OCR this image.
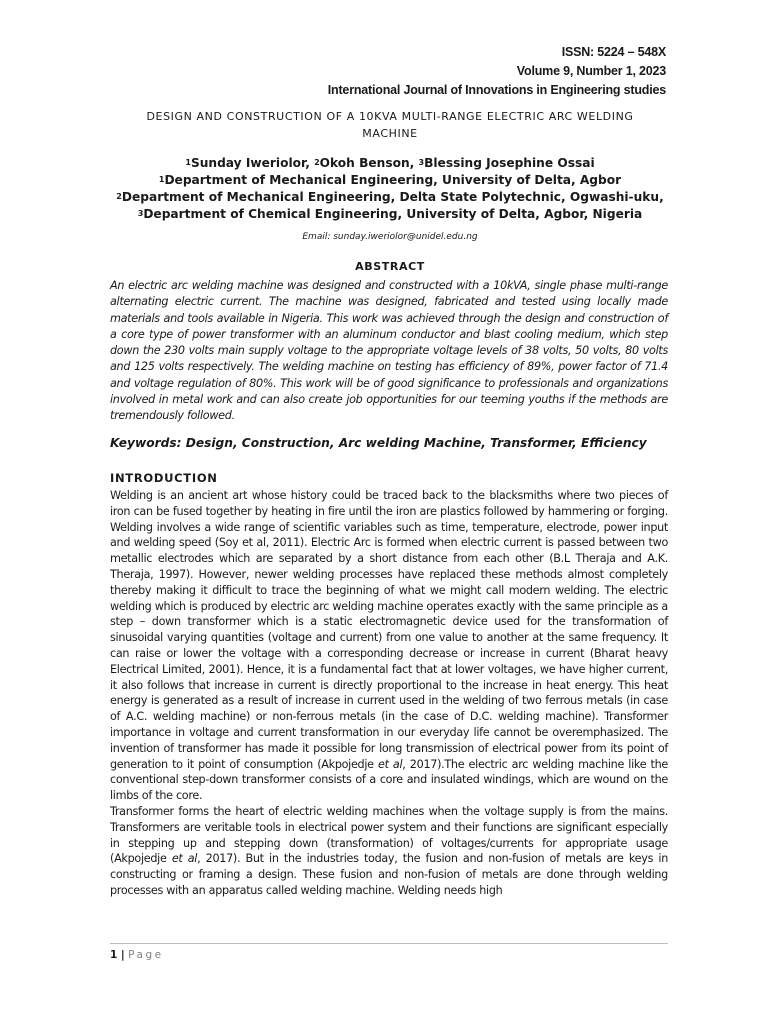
ISSN: 5224 – 548X
Volume 9, Number 1, 2023
International Journal of Innovations in Engineering studies
DESIGN AND CONSTRUCTION OF A 10KVA MULTI-RANGE ELECTRIC ARC WELDING
MACHINE
$^1$Sunday Iweriolor, $^2$Okoh Benson, $^3$Blessing Josephine Ossai
$^1$Department of Mechanical Engineering, University of Delta, Agbor
$^2$Department of Mechanical Engineering, Delta State Polytechnic, Ogwashi-uku,
$^3$Department of Chemical Engineering, University of Delta, Agbor, Nigeria
Email: sunday.iweriolor@unidel.edu.ng
ABSTRACT

An electric arc welding machine was designed and constructed with a 10kVA, single phase multi-range alternating electric current. The machine was designed, fabricated and tested using locally made materials and tools available in Nigeria. This work was achieved through the design and construction of a core type of power transformer with an aluminum conductor and blast cooling medium, which step down the 230 volts main supply voltage to the appropriate voltage levels of 38 volts, 50 volts, 80 volts and 125 volts respectively. The welding machine on testing has efficiency of 89%, power factor of 71.4 and voltage regulation of 80%. This work will be of good significance to professionals and organizations involved in metal work and can also create job opportunities for our teeming youths if the methods are tremendously followed.

Keywords: Design, Construction, Arc welding Machine, Transformer, Efficiency
INTRODUCTION

Welding is an ancient art whose history could be traced back to the blacksmiths where two pieces of iron can be fused together by heating in fire until the iron are plastics followed by hammering or forging. Welding involves a wide range of scientific variables such as time, temperature, electrode, power input and welding speed (Soy et al, 2011). Electric Arc is formed when electric current is passed between two metallic electrodes which are separated by a short distance from each other (B.L Theraja and A.K. Theraja, 1997). However, newer welding processes have replaced these methods almost completely thereby making it difficult to trace the beginning of what we might call modern welding. The electric welding which is produced by electric arc welding machine operates exactly with the same principle as a step – down transformer which is a static electromagnetic device used for the transformation of sinusoidal varying quantities (voltage and current) from one value to another at the same frequency. It can raise or lower the voltage with a corresponding decrease or increase in current (Bharat heavy Electrical Limited, 2001). Hence, it is a fundamental fact that at lower voltages, we have higher current, it also follows that increase in current is directly proportional to the increase in heat energy. This heat energy is generated as a result of increase in current used in the welding of two ferrous metals (in case of A.C. welding machine) or non-ferrous metals (in the case of D.C. welding machine). Transformer importance in voltage and current transformation in our everyday life cannot be overemphasized. The invention of transformer has made it possible for long transmission of electrical power from its point of generation to it point of consumption (Akpojedje et al, 2017).The electric arc welding machine like the conventional step-down transformer consists of a core and insulated windings, which are wound on the limbs of the core.

Transformer forms the heart of electric welding machines when the voltage supply is from the mains. Transformers are veritable tools in electrical power system and their functions are significant especially in stepping up and stepping down (transformation) of voltages/currents for appropriate usage (Akpojedje et al, 2017). But in the industries today, the fusion and non-fusion of metals are keys in constructing or framing a design. These fusion and non-fusion of metals are done through welding processes with an apparatus called welding machine. Welding needs high

1 | Page
